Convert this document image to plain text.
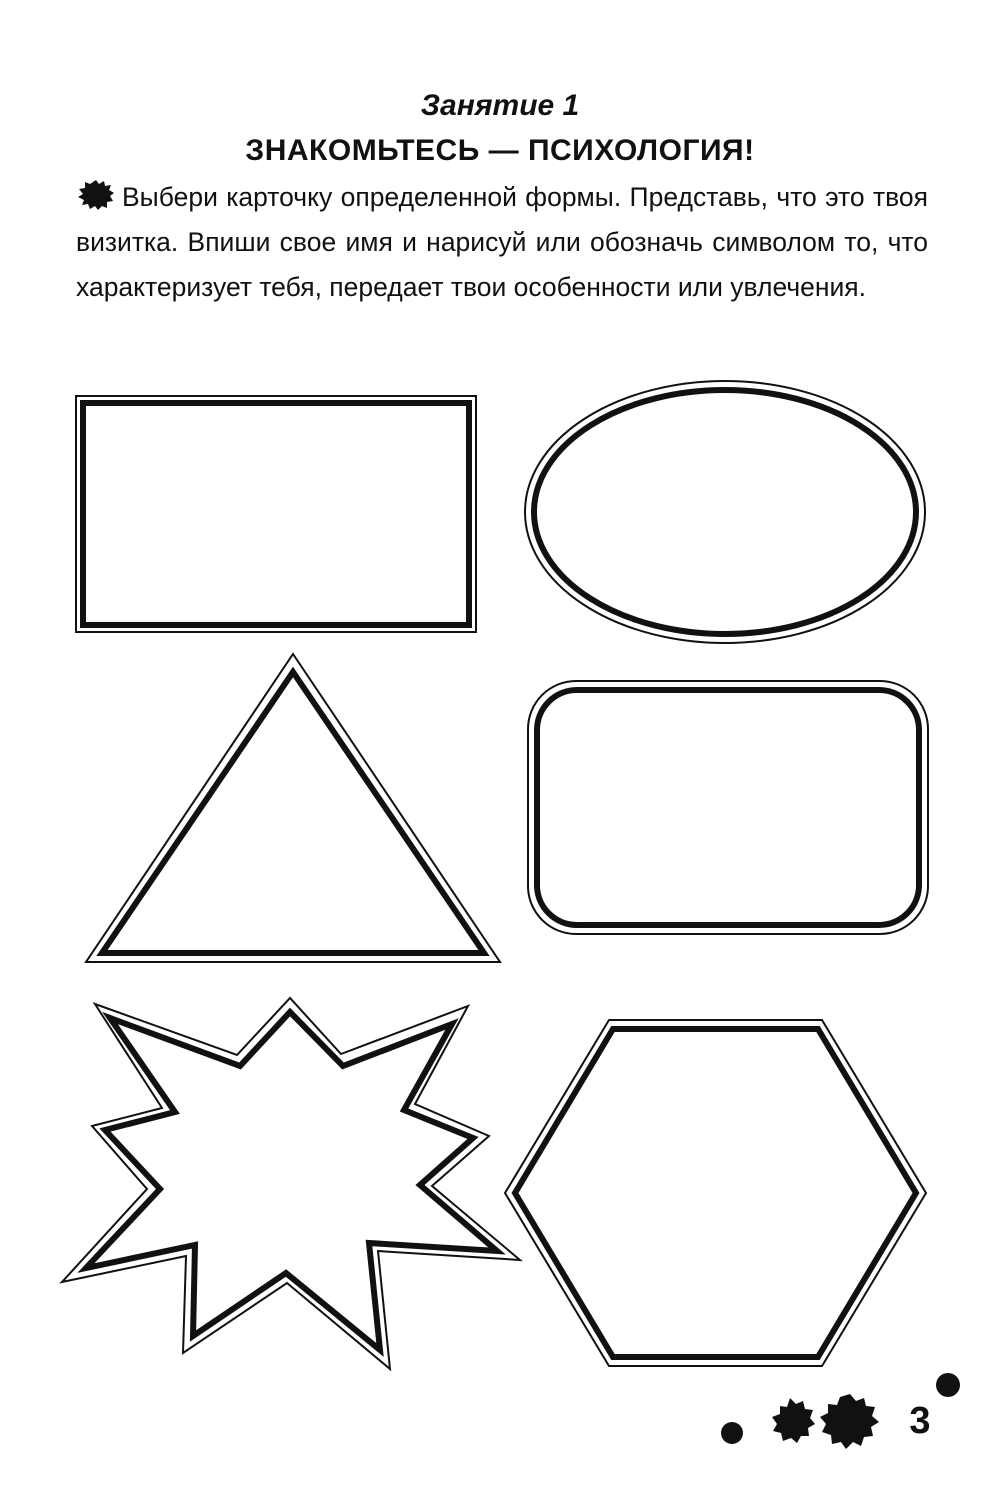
Занятие 1
ЗНАКОМЬТЕСЬ — ПСИХОЛОГИЯ!
Выбери карточку определенной формы. Представь, что это твоя визитка. Впиши свое имя и нарисуй или обозначь символом то, что характеризует тебя, передает твои особенности или увлечения.
3
